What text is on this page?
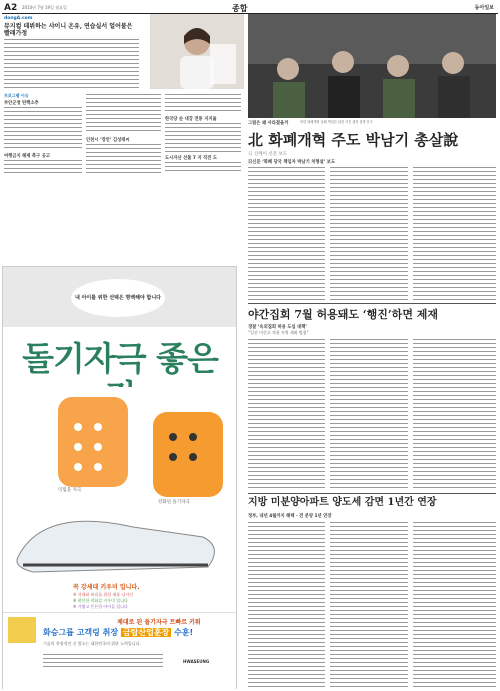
A2 2010년 7월 19일 월요일	종합	동아일보
dongA.com
뮤지컬 데뷔하는 샤이니 온유, 연습실서 얼어붙은 빨래가정
프로그램 이슈
부안군청 탄핵소추
여행금지 해제 촉구 공고
인천시 ‘장안’ 김성태씨
한국당 순 대강 전통 지지율
도시자산 선물 7 지 직전 도
내 아이를 위한 선택은 명백해야 합니다
돌기자극 좋은
익힘을 지극
강화된 돌기자극
꼭 강세대 키우미 입니다.
※ 자세와 허리를 위한 제품 디자인
※ 편안한 착화감 키우미 입니다
※ 가볍고 튼튼한 아이들 입니다
제대로 된 돌기자극 트빠르 키워
화승그룹 고객링 취장 금탑산업훈장 수훈!
기술의 총합적인 신 발소는 대한민국의 위한 노력입니다.
HWASEUNG
그림은 왜 사라졌을까	북한 화폐개혁 실패 책임론 관련 사진 캡션 설명 문구
北 화폐개혁 주도 박남기 총살說
日 산케이 신문 보도
日신문 ‘화폐 당국 책임자 박남기 처형설’ 보도
야간집회 7월 허용돼도 ‘행진’하면 제재
경찰 ‘옥외집회 허용 도심 대책’
“일선 미신고 적용 지역 제외 방침”
지방 미분양아파트 양도세 감면 1년간 연장
정부, 내년 4월까지 해택 · 전 분양 1년 연장
